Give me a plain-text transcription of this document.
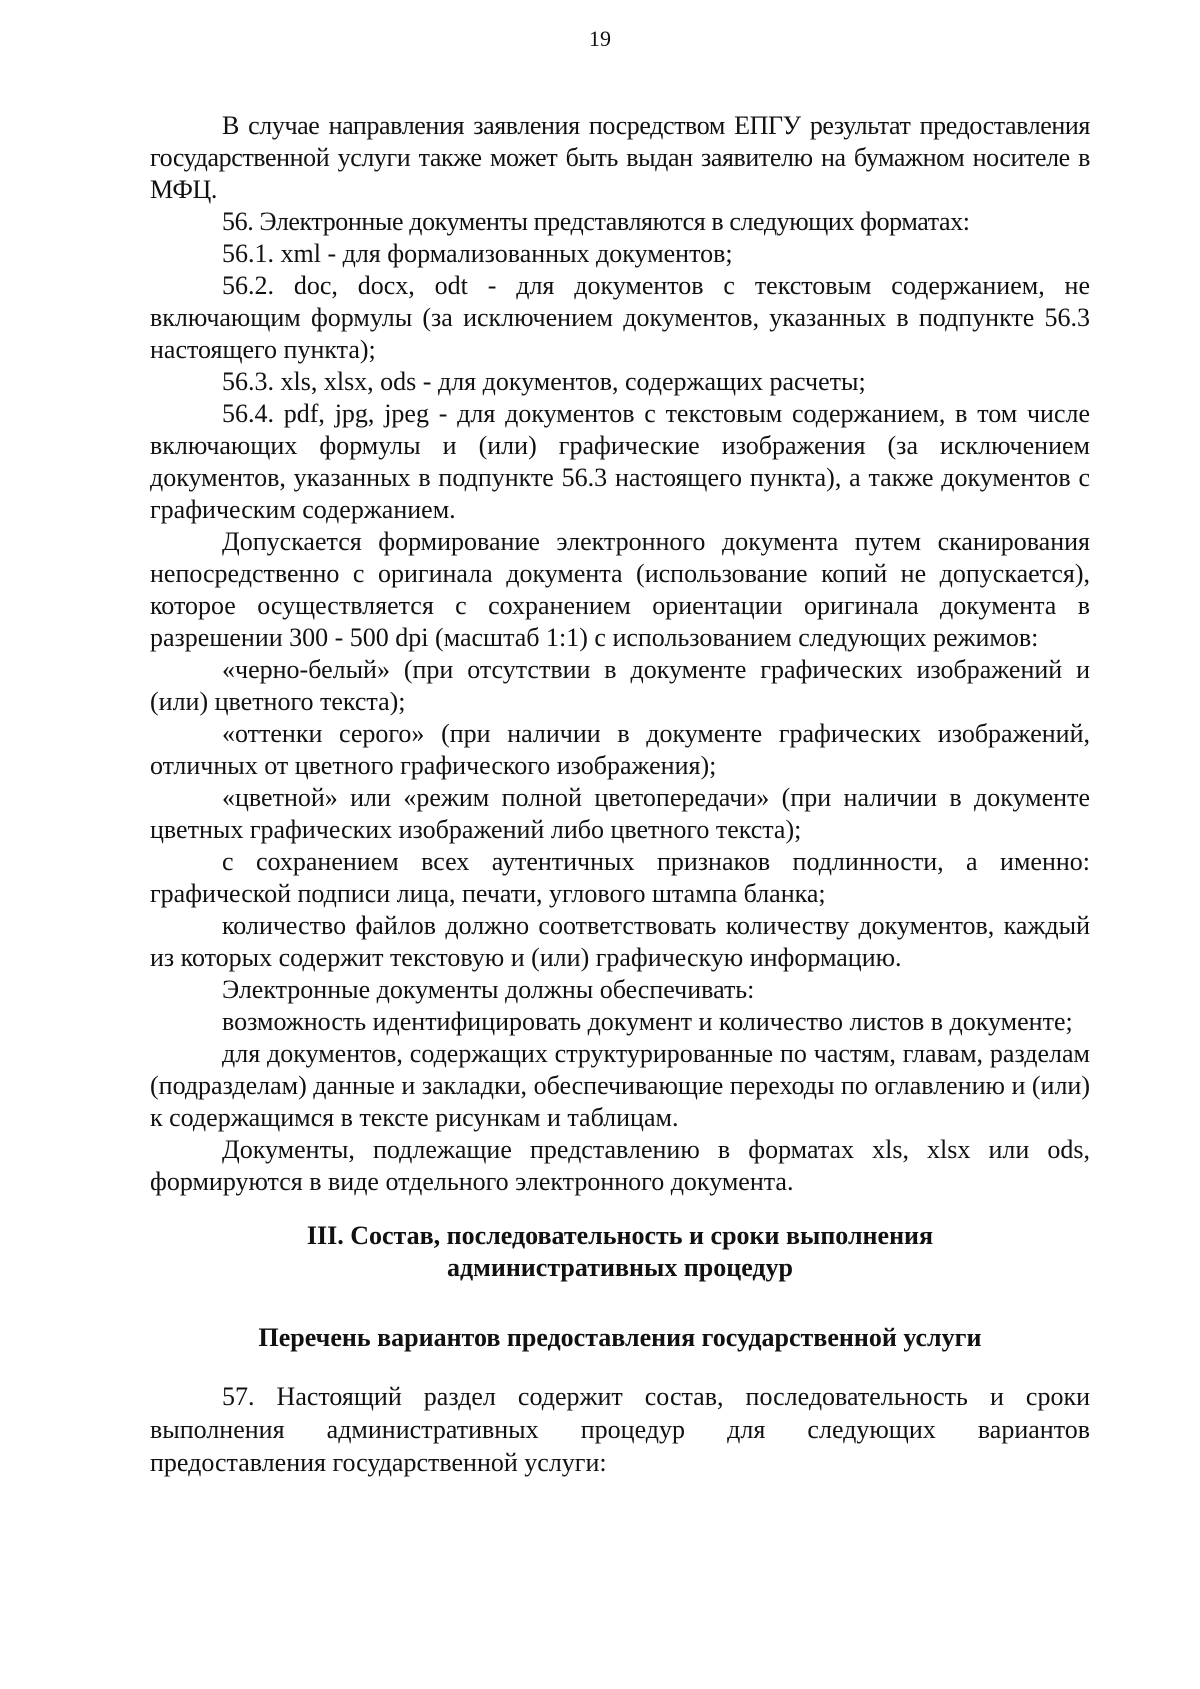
19

В случае направления заявления посредством ЕПГУ результат предоставления государственной услуги также может быть выдан заявителю на бумажном носителе в МФЦ.

56. Электронные документы представляются в следующих форматах:

56.1. xml - для формализованных документов;

56.2. doc, docx, odt - для документов с текстовым содержанием, не включающим формулы (за исключением документов, указанных в подпункте 56.3 настоящего пункта);

56.3. xls, xlsx, ods - для документов, содержащих расчеты;

56.4. pdf, jpg, jpeg - для документов с текстовым содержанием, в том числе включающих формулы и (или) графические изображения (за исключением документов, указанных в подпункте 56.3 настоящего пункта), а также документов с графическим содержанием.

Допускается формирование электронного документа путем сканирования непосредственно с оригинала документа (использование копий не допускается), которое осуществляется с сохранением ориентации оригинала документа в разрешении 300 - 500 dpi (масштаб 1:1) с использованием следующих режимов:

«черно-белый» (при отсутствии в документе графических изображений и (или) цветного текста);

«оттенки серого» (при наличии в документе графических изображений, отличных от цветного графического изображения);

«цветной» или «режим полной цветопередачи» (при наличии в документе цветных графических изображений либо цветного текста);

с сохранением всех аутентичных признаков подлинности, а именно: графической подписи лица, печати, углового штампа бланка;

количество файлов должно соответствовать количеству документов, каждый из которых содержит текстовую и (или) графическую информацию.

Электронные документы должны обеспечивать:

возможность идентифицировать документ и количество листов в документе;

для документов, содержащих структурированные по частям, главам, разделам (подразделам) данные и закладки, обеспечивающие переходы по оглавлению и (или) к содержащимся в тексте рисункам и таблицам.

Документы, подлежащие представлению в форматах xls, xlsx или ods, формируются в виде отдельного электронного документа.

III. Состав, последовательность и сроки выполнения
административных процедур
Перечень вариантов предоставления государственной услуги

57. Настоящий раздел содержит состав, последовательность и сроки выполнения административных процедур для следующих вариантов предоставления государственной услуги:
